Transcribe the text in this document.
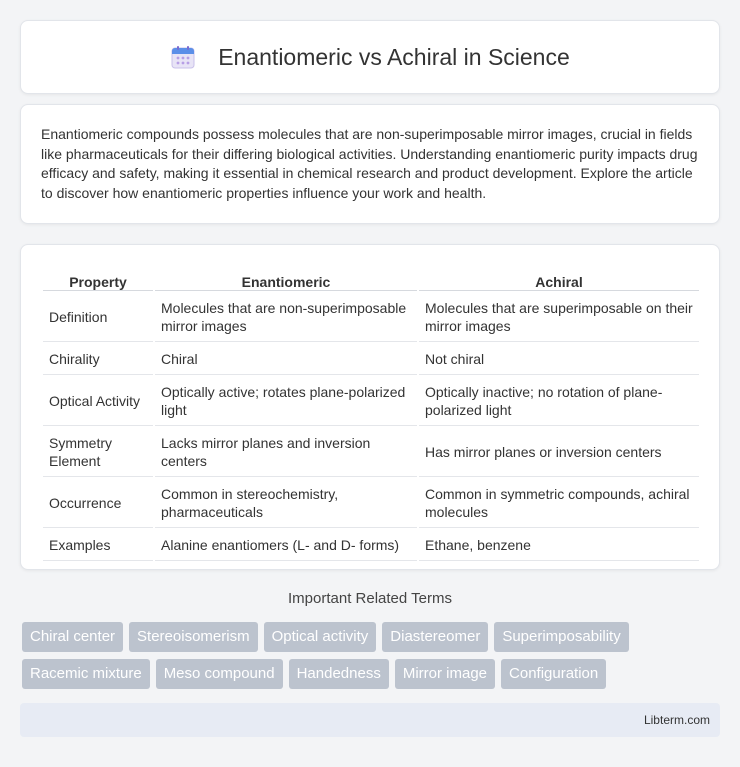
Enantiomeric vs Achiral in Science

Enantiomeric compounds possess molecules that are non-superimposable mirror images, crucial in fields like pharmaceuticals for their differing biological activities. Understanding enantiomeric purity impacts drug efficacy and safety, making it essential in chemical research and product development. Explore the article to discover how enantiomeric properties influence your work and health.

Property	Enantiomeric	Achiral
Definition	Molecules that are non-superimposable mirror images	Molecules that are superimposable on their mirror images
Chirality	Chiral	Not chiral
Optical Activity	Optically active; rotates plane-polarized light	Optically inactive; no rotation of plane-polarized light
Symmetry Element	Lacks mirror planes and inversion centers	Has mirror planes or inversion centers
Occurrence	Common in stereochemistry, pharmaceuticals	Common in symmetric compounds, achiral molecules
Examples	Alanine enantiomers (L- and D- forms)	Ethane, benzene
Important Related Terms
Chiral center	Stereoisomerism	Optical activity	Diastereomer	Superimposability
Racemic mixture	Meso compound	Handedness	Mirror image	Configuration
Libterm.com
